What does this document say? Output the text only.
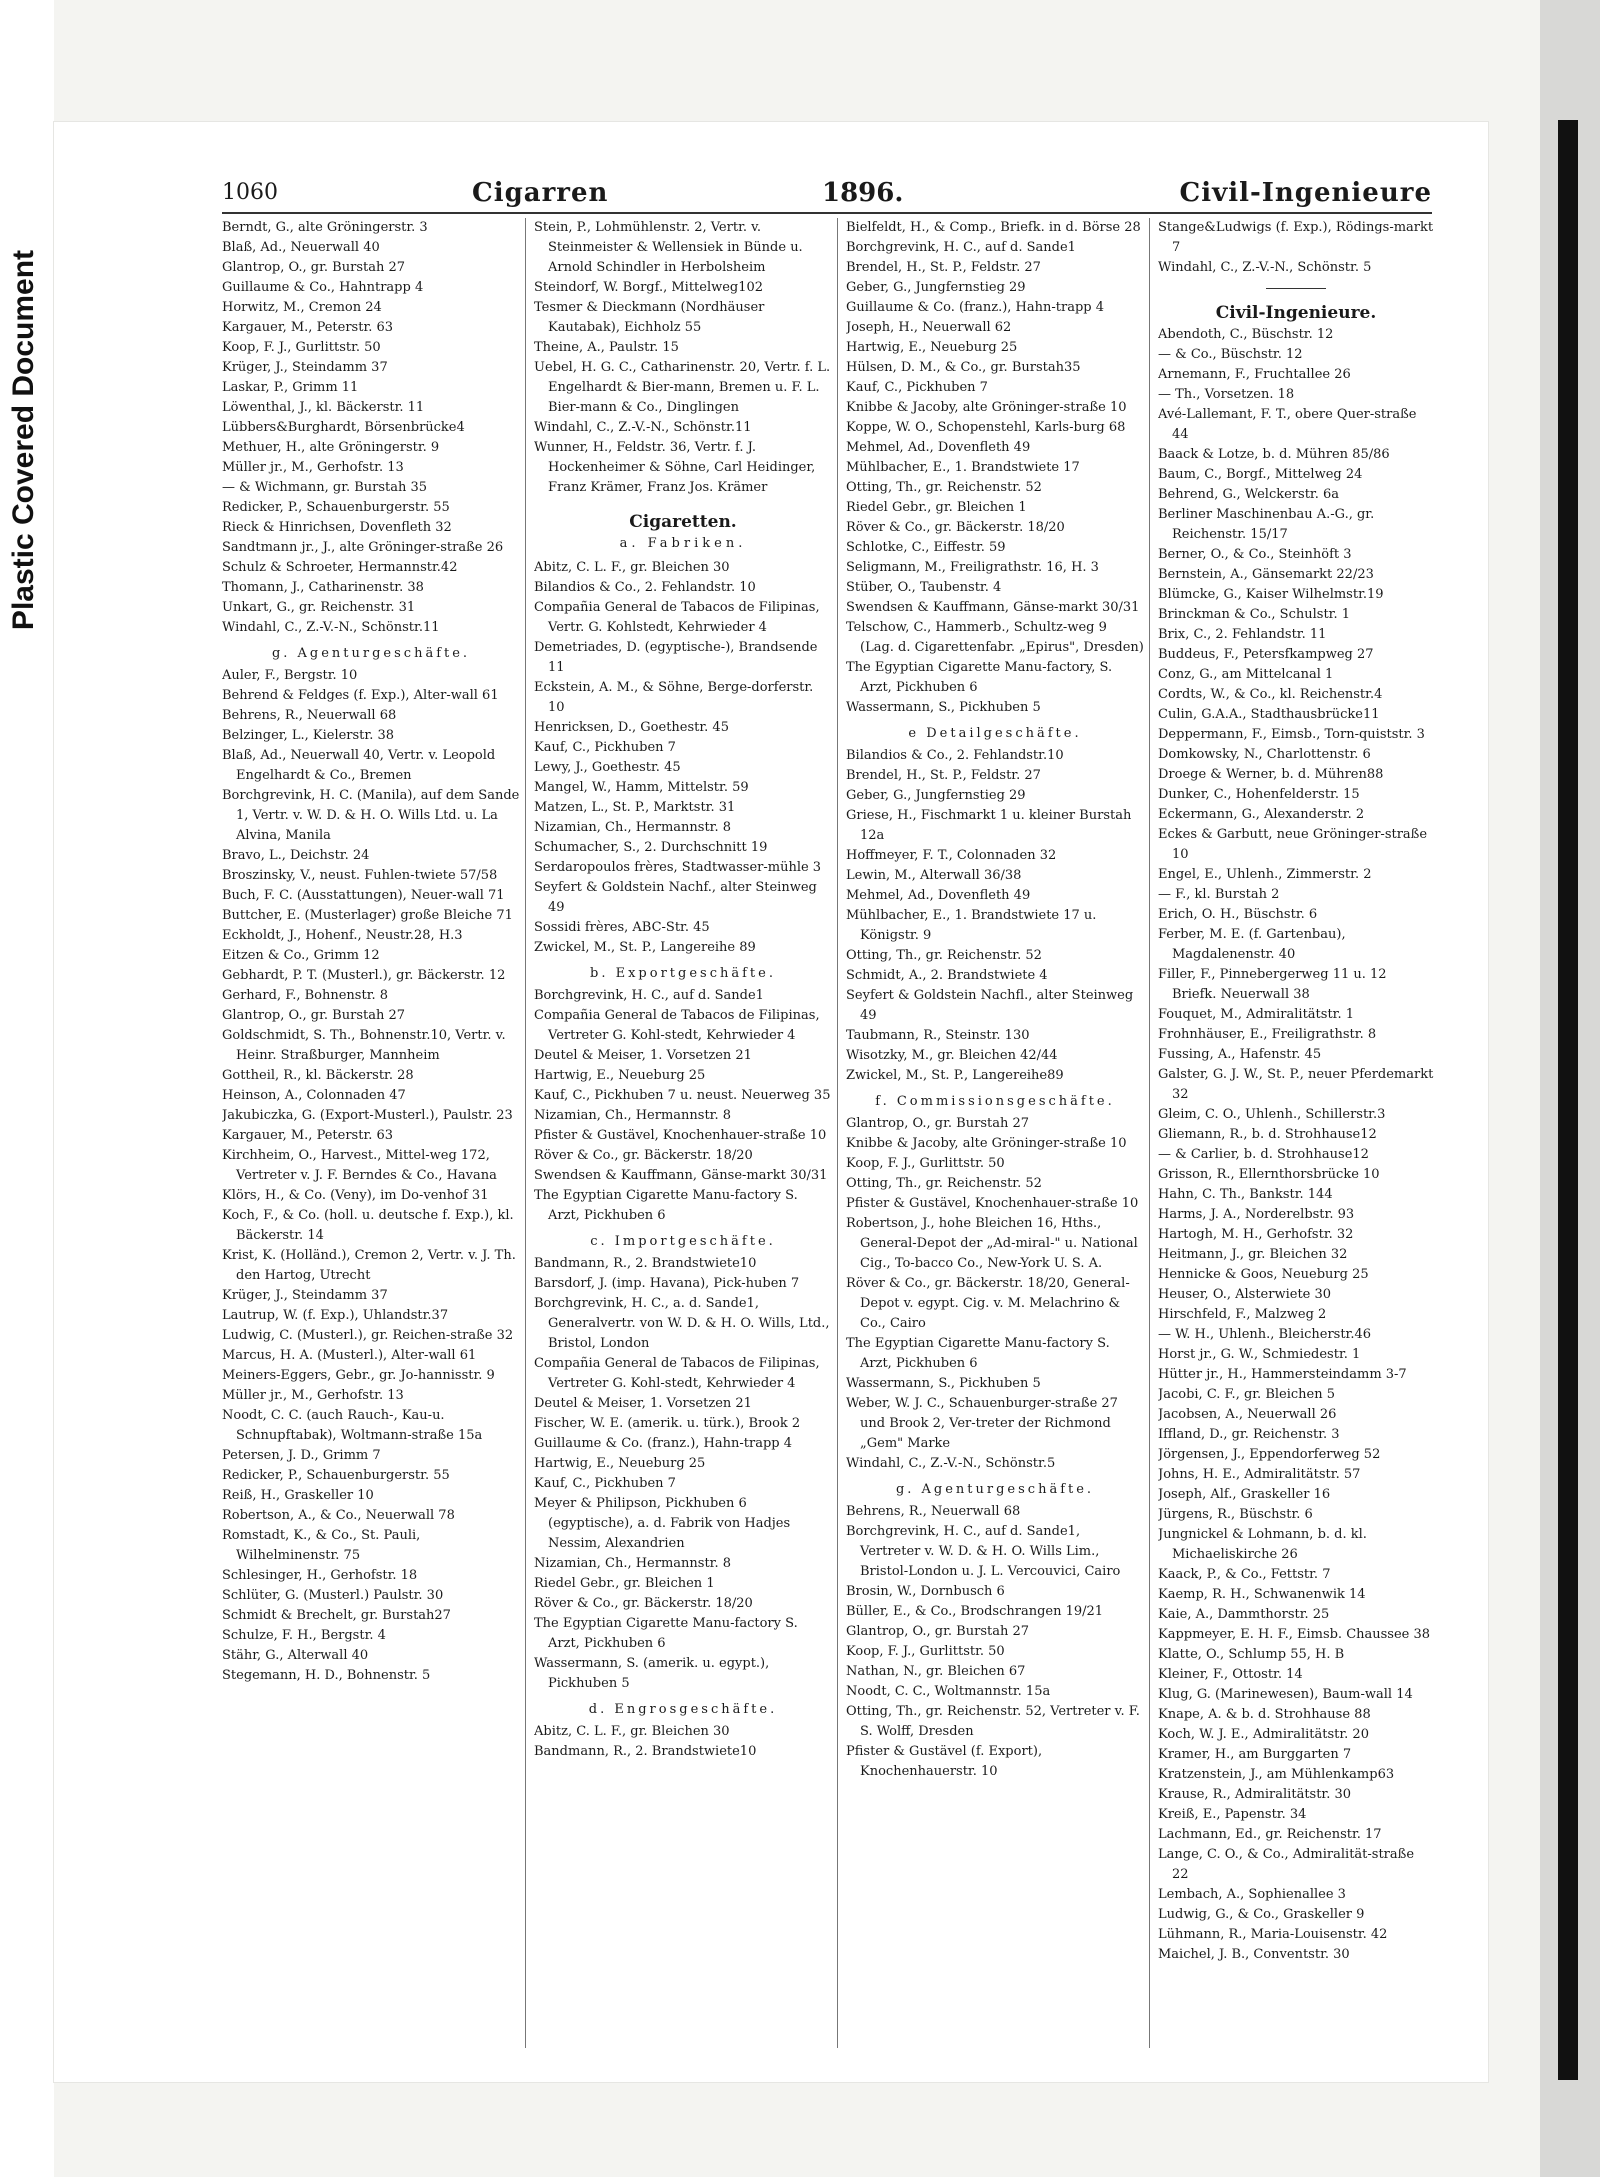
Plastic Covered Document
1060	Cigarren	1896.	Civil-Ingenieure

Berndt, G., alte Gröningerstr. 3

Blaß, Ad., Neuerwall 40

Glantrop, O., gr. Burstah 27

Guillaume & Co., Hahntrapp 4

Horwitz, M., Cremon 24

Kargauer, M., Peterstr. 63

Koop, F. J., Gurlittstr. 50

Krüger, J., Steindamm 37

Laskar, P., Grimm 11

Löwenthal, J., kl. Bäckerstr. 11

Lübbers&Burghardt, Börsenbrücke4

Methuer, H., alte Gröningerstr. 9

Müller jr., M., Gerhofstr. 13

— & Wichmann, gr. Burstah 35

Redicker, P., Schauenburgerstr. 55

Rieck & Hinrichsen, Dovenfleth 32

Sandtmann jr., J., alte Gröninger-straße 26

Schulz & Schroeter, Hermannstr.42

Thomann, J., Catharinenstr. 38

Unkart, G., gr. Reichenstr. 31

Windahl, C., Z.-V.-N., Schönstr.11

g. Agenturgeschäfte.

Auler, F., Bergstr. 10

Behrend & Feldges (f. Exp.), Alter-wall 61

Behrens, R., Neuerwall 68

Belzinger, L., Kielerstr. 38

Blaß, Ad., Neuerwall 40, Vertr. v. Leopold Engelhardt & Co., Bremen

Borchgrevink, H. C. (Manila), auf dem Sande 1, Vertr. v. W. D. & H. O. Wills Ltd. u. La Alvina, Manila

Bravo, L., Deichstr. 24

Broszinsky, V., neust. Fuhlen-twiete 57/58

Buch, F. C. (Ausstattungen), Neuer-wall 71

Buttcher, E. (Musterlager) große Bleiche 71

Eckholdt, J., Hohenf., Neustr.28, H.3

Eitzen & Co., Grimm 12

Gebhardt, P. T. (Musterl.), gr. Bäckerstr. 12

Gerhard, F., Bohnenstr. 8

Glantrop, O., gr. Burstah 27

Goldschmidt, S. Th., Bohnenstr.10, Vertr. v. Heinr. Straßburger, Mannheim

Gottheil, R., kl. Bäckerstr. 28

Heinson, A., Colonnaden 47

Jakubiczka, G. (Export-Musterl.), Paulstr. 23

Kargauer, M., Peterstr. 63

Kirchheim, O., Harvest., Mittel-weg 172, Vertreter v. J. F. Berndes & Co., Havana

Klörs, H., & Co. (Veny), im Do-venhof 31

Koch, F., & Co. (holl. u. deutsche f. Exp.), kl. Bäckerstr. 14

Krist, K. (Holländ.), Cremon 2, Vertr. v. J. Th. den Hartog, Utrecht

Krüger, J., Steindamm 37

Lautrup, W. (f. Exp.), Uhlandstr.37

Ludwig, C. (Musterl.), gr. Reichen-straße 32

Marcus, H. A. (Musterl.), Alter-wall 61

Meiners-Eggers, Gebr., gr. Jo-hannisstr. 9

Müller jr., M., Gerhofstr. 13

Noodt, C. C. (auch Rauch-, Kau-u. Schnupftabak), Woltmann-straße 15a

Petersen, J. D., Grimm 7

Redicker, P., Schauenburgerstr. 55

Reiß, H., Graskeller 10

Robertson, A., & Co., Neuerwall 78

Romstadt, K., & Co., St. Pauli, Wilhelminenstr. 75

Schlesinger, H., Gerhofstr. 18

Schlüter, G. (Musterl.) Paulstr. 30

Schmidt & Brechelt, gr. Burstah27

Schulze, F. H., Bergstr. 4

Stähr, G., Alterwall 40

Stegemann, H. D., Bohnenstr. 5

Stein, P., Lohmühlenstr. 2, Vertr. v. Steinmeister & Wellensiek in Bünde u. Arnold Schindler in Herbolsheim

Steindorf, W. Borgf., Mittelweg102

Tesmer & Dieckmann (Nordhäuser Kautabak), Eichholz 55

Theine, A., Paulstr. 15

Uebel, H. G. C., Catharinenstr. 20, Vertr. f. L. Engelhardt & Bier-mann, Bremen u. F. L. Bier-mann & Co., Dinglingen

Windahl, C., Z.-V.-N., Schönstr.11

Wunner, H., Feldstr. 36, Vertr. f. J. Hockenheimer & Söhne, Carl Heidinger, Franz Krämer, Franz Jos. Krämer

Cigaretten.

a. Fabriken.

Abitz, C. L. F., gr. Bleichen 30

Bilandios & Co., 2. Fehlandstr. 10

Compañia General de Tabacos de Filipinas, Vertr. G. Kohlstedt, Kehrwieder 4

Demetriades, D. (egyptische-), Brandsende 11

Eckstein, A. M., & Söhne, Berge-dorferstr. 10

Henricksen, D., Goethestr. 45

Kauf, C., Pickhuben 7

Lewy, J., Goethestr. 45

Mangel, W., Hamm, Mittelstr. 59

Matzen, L., St. P., Marktstr. 31

Nizamian, Ch., Hermannstr. 8

Schumacher, S., 2. Durchschnitt 19

Serdaropoulos frères, Stadtwasser-mühle 3

Seyfert & Goldstein Nachf., alter Steinweg 49

Sossidi frères, ABC-Str. 45

Zwickel, M., St. P., Langereihe 89

b. Exportgeschäfte.

Borchgrevink, H. C., auf d. Sande1

Compañia General de Tabacos de Filipinas, Vertreter G. Kohl-stedt, Kehrwieder 4

Deutel & Meiser, 1. Vorsetzen 21

Hartwig, E., Neueburg 25

Kauf, C., Pickhuben 7 u. neust. Neuerweg 35

Nizamian, Ch., Hermannstr. 8

Pfister & Gustävel, Knochenhauer-straße 10

Röver & Co., gr. Bäckerstr. 18/20

Swendsen & Kauffmann, Gänse-markt 30/31

The Egyptian Cigarette Manu-factory S. Arzt, Pickhuben 6

c. Importgeschäfte.

Bandmann, R., 2. Brandstwiete10

Barsdorf, J. (imp. Havana), Pick-huben 7

Borchgrevink, H. C., a. d. Sande1, Generalvertr. von W. D. & H. O. Wills, Ltd., Bristol, London

Compañia General de Tabacos de Filipinas, Vertreter G. Kohl-stedt, Kehrwieder 4

Deutel & Meiser, 1. Vorsetzen 21

Fischer, W. E. (amerik. u. türk.), Brook 2

Guillaume & Co. (franz.), Hahn-trapp 4

Hartwig, E., Neueburg 25

Kauf, C., Pickhuben 7

Meyer & Philipson, Pickhuben 6 (egyptische), a. d. Fabrik von Hadjes Nessim, Alexandrien

Nizamian, Ch., Hermannstr. 8

Riedel Gebr., gr. Bleichen 1

Röver & Co., gr. Bäckerstr. 18/20

The Egyptian Cigarette Manu-factory S. Arzt, Pickhuben 6

Wassermann, S. (amerik. u. egypt.), Pickhuben 5

d. Engrosgeschäfte.

Abitz, C. L. F., gr. Bleichen 30

Bandmann, R., 2. Brandstwiete10

Bielfeldt, H., & Comp., Briefk. in d. Börse 28

Borchgrevink, H. C., auf d. Sande1

Brendel, H., St. P., Feldstr. 27

Geber, G., Jungfernstieg 29

Guillaume & Co. (franz.), Hahn-trapp 4

Joseph, H., Neuerwall 62

Hartwig, E., Neueburg 25

Hülsen, D. M., & Co., gr. Burstah35

Kauf, C., Pickhuben 7

Knibbe & Jacoby, alte Gröninger-straße 10

Koppe, W. O., Schopenstehl, Karls-burg 68

Mehmel, Ad., Dovenfleth 49

Mühlbacher, E., 1. Brandstwiete 17

Otting, Th., gr. Reichenstr. 52

Riedel Gebr., gr. Bleichen 1

Röver & Co., gr. Bäckerstr. 18/20

Schlotke, C., Eiffestr. 59

Seligmann, M., Freiligrathstr. 16, H. 3

Stüber, O., Taubenstr. 4

Swendsen & Kauffmann, Gänse-markt 30/31

Telschow, C., Hammerb., Schultz-weg 9 (Lag. d. Cigarettenfabr. „Epirus", Dresden)

The Egyptian Cigarette Manu-factory, S. Arzt, Pickhuben 6

Wassermann, S., Pickhuben 5

e Detailgeschäfte.

Bilandios & Co., 2. Fehlandstr.10

Brendel, H., St. P., Feldstr. 27

Geber, G., Jungfernstieg 29

Griese, H., Fischmarkt 1 u. kleiner Burstah 12a

Hoffmeyer, F. T., Colonnaden 32

Lewin, M., Alterwall 36/38

Mehmel, Ad., Dovenfleth 49

Mühlbacher, E., 1. Brandstwiete 17 u. Königstr. 9

Otting, Th., gr. Reichenstr. 52

Schmidt, A., 2. Brandstwiete 4

Seyfert & Goldstein Nachfl., alter Steinweg 49

Taubmann, R., Steinstr. 130

Wisotzky, M., gr. Bleichen 42/44

Zwickel, M., St. P., Langereihe89

f. Commissionsgeschäfte.

Glantrop, O., gr. Burstah 27

Knibbe & Jacoby, alte Gröninger-straße 10

Koop, F. J., Gurlittstr. 50

Otting, Th., gr. Reichenstr. 52

Pfister & Gustävel, Knochenhauer-straße 10

Robertson, J., hohe Bleichen 16, Hths., General-Depot der „Ad-miral-" u. National Cig., To-bacco Co., New-York U. S. A.

Röver & Co., gr. Bäckerstr. 18/20, General-Depot v. egypt. Cig. v. M. Melachrino & Co., Cairo

The Egyptian Cigarette Manu-factory S. Arzt, Pickhuben 6

Wassermann, S., Pickhuben 5

Weber, W. J. C., Schauenburger-straße 27 und Brook 2, Ver-treter der Richmond „Gem" Marke

Windahl, C., Z.-V.-N., Schönstr.5

g. Agenturgeschäfte.

Behrens, R., Neuerwall 68

Borchgrevink, H. C., auf d. Sande1, Vertreter v. W. D. & H. O. Wills Lim., Bristol-London u. J. L. Vercouvici, Cairo

Brosin, W., Dornbusch 6

Büller, E., & Co., Brodschrangen 19/21

Glantrop, O., gr. Burstah 27

Koop, F. J., Gurlittstr. 50

Nathan, N., gr. Bleichen 67

Noodt, C. C., Woltmannstr. 15a

Otting, Th., gr. Reichenstr. 52, Vertreter v. F. S. Wolff, Dresden

Pfister & Gustävel (f. Export), Knochenhauerstr. 10

Stange&Ludwigs (f. Exp.), Rödings-markt 7

Windahl, C., Z.-V.-N., Schönstr. 5

Civil-Ingenieure.

Abendoth, C., Büschstr. 12

— & Co., Büschstr. 12

Arnemann, F., Fruchtallee 26

— Th., Vorsetzen. 18

Avé-Lallemant, F. T., obere Quer-straße 44

Baack & Lotze, b. d. Mühren 85/86

Baum, C., Borgf., Mittelweg 24

Behrend, G., Welckerstr. 6a

Berliner Maschinenbau A.-G., gr. Reichenstr. 15/17

Berner, O., & Co., Steinhöft 3

Bernstein, A., Gänsemarkt 22/23

Blümcke, G., Kaiser Wilhelmstr.19

Brinckman & Co., Schulstr. 1

Brix, C., 2. Fehlandstr. 11

Buddeus, F., Petersfkampweg 27

Conz, G., am Mittelcanal 1

Cordts, W., & Co., kl. Reichenstr.4

Culin, G.A.A., Stadthausbrücke11

Deppermann, F., Eimsb., Torn-quiststr. 3

Domkowsky, N., Charlottenstr. 6

Droege & Werner, b. d. Mühren88

Dunker, C., Hohenfelderstr. 15

Eckermann, G., Alexanderstr. 2

Eckes & Garbutt, neue Gröninger-straße 10

Engel, E., Uhlenh., Zimmerstr. 2

— F., kl. Burstah 2

Erich, O. H., Büschstr. 6

Ferber, M. E. (f. Gartenbau), Magdalenenstr. 40

Filler, F., Pinnebergerweg 11 u. 12 Briefk. Neuerwall 38

Fouquet, M., Admiralitätstr. 1

Frohnhäuser, E., Freiligrathstr. 8

Fussing, A., Hafenstr. 45

Galster, G. J. W., St. P., neuer Pferdemarkt 32

Gleim, C. O., Uhlenh., Schillerstr.3

Gliemann, R., b. d. Strohhause12

— & Carlier, b. d. Strohhause12

Grisson, R., Ellernthorsbrücke 10

Hahn, C. Th., Bankstr. 144

Harms, J. A., Norderelbstr. 93

Hartogh, M. H., Gerhofstr. 32

Heitmann, J., gr. Bleichen 32

Hennicke & Goos, Neueburg 25

Heuser, O., Alsterwiete 30

Hirschfeld, F., Malzweg 2

— W. H., Uhlenh., Bleicherstr.46

Horst jr., G. W., Schmiedestr. 1

Hütter jr., H., Hammersteindamm 3-7

Jacobi, C. F., gr. Bleichen 5

Jacobsen, A., Neuerwall 26

Iffland, D., gr. Reichenstr. 3

Jörgensen, J., Eppendorferweg 52

Johns, H. E., Admiralitätstr. 57

Joseph, Alf., Graskeller 16

Jürgens, R., Büschstr. 6

Jungnickel & Lohmann, b. d. kl. Michaeliskirche 26

Kaack, P., & Co., Fettstr. 7

Kaemp, R. H., Schwanenwik 14

Kaie, A., Dammthorstr. 25

Kappmeyer, E. H. F., Eimsb. Chaussee 38

Klatte, O., Schlump 55, H. B

Kleiner, F., Ottostr. 14

Klug, G. (Marinewesen), Baum-wall 14

Knape, A. & b. d. Strohhause 88

Koch, W. J. E., Admiralitätstr. 20

Kramer, H., am Burggarten 7

Kratzenstein, J., am Mühlenkamp63

Krause, R., Admiralitätstr. 30

Kreiß, E., Papenstr. 34

Lachmann, Ed., gr. Reichenstr. 17

Lange, C. O., & Co., Admiralität-straße 22

Lembach, A., Sophienallee 3

Ludwig, G., & Co., Graskeller 9

Lühmann, R., Maria-Louisenstr. 42

Maichel, J. B., Conventstr. 30
